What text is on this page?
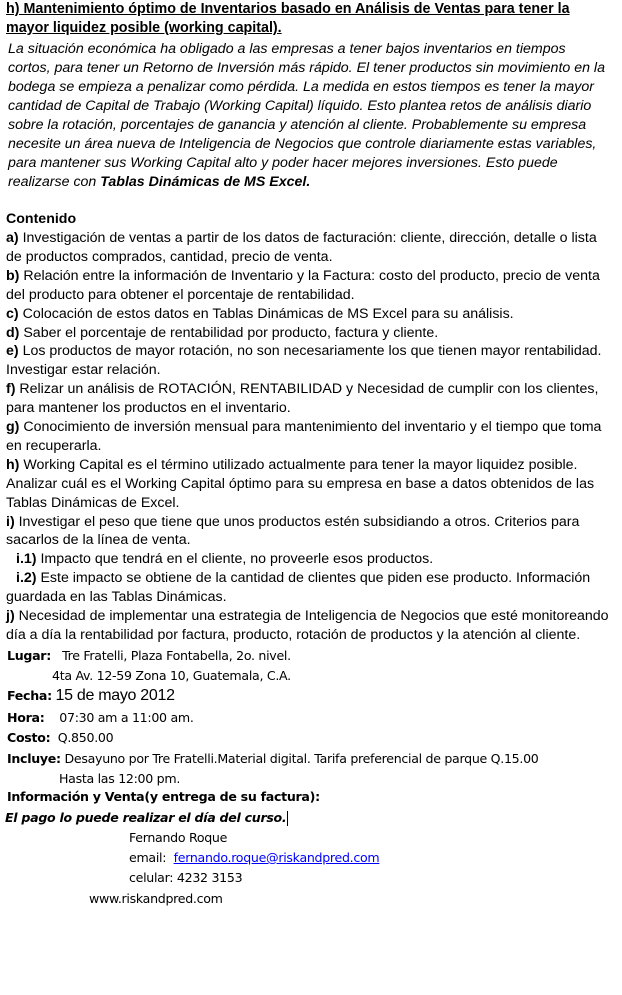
h) Mantenimiento óptimo de Inventarios basado en Análisis de Ventas para tener la
mayor liquidez posible (working capital).
La situación económica ha obligado a las empresas a tener bajos inventarios en tiempos
cortos, para tener un Retorno de Inversión más rápido. El tener productos sin movimiento en la
bodega se empieza a penalizar como pérdida. La medida en estos tiempos es tener la mayor
cantidad de Capital de Trabajo (Working Capital) líquido. Esto plantea retos de análisis diario
sobre la rotación, porcentajes de ganancia y atención al cliente. Probablemente su empresa
necesite un área nueva de Inteligencia de Negocios que controle diariamente estas variables,
para mantener sus Working Capital alto y poder hacer mejores inversiones. Esto puede
realizarse con Tablas Dinámicas de MS Excel.
Contenido
a) Investigación de ventas a partir de los datos de facturación: cliente, dirección, detalle o lista
de productos comprados, cantidad, precio de venta.
b) Relación entre la información de Inventario y la Factura: costo del producto, precio de venta
del producto para obtener el porcentaje de rentabilidad.
c) Colocación de estos datos en Tablas Dinámicas de MS Excel para su análisis.
d) Saber el porcentaje de rentabilidad por producto, factura y cliente.
e) Los productos de mayor rotación, no son necesariamente los que tienen mayor rentabilidad.
Investigar estar relación.
f) Relizar un análisis de ROTACIÓN, RENTABILIDAD y Necesidad de cumplir con los clientes,
para mantener los productos en el inventario.
g) Conocimiento de inversión mensual para mantenimiento del inventario y el tiempo que toma
en recuperarla.
h) Working Capital es el término utilizado actualmente para tener la mayor liquidez posible.
Analizar cuál es el Working Capital óptimo para su empresa en base a datos obtenidos de las
Tablas Dinámicas de Excel.
i) Investigar el peso que tiene que unos productos estén subsidiando a otros. Criterios para
sacarlos de la línea de venta.
i.1) Impacto que tendrá en el cliente, no proveerle esos productos.
i.2) Este impacto se obtiene de la cantidad de clientes que piden ese producto. Información
guardada en las Tablas Dinámicas.
j) Necesidad de implementar una estrategia de Inteligencia de Negocios que esté monitoreando
día a día la rentabilidad por factura, producto, rotación de productos y la atención al cliente.
Lugar: Tre Fratelli, Plaza Fontabella, 2o. nivel.
4ta Av. 12-59 Zona 10, Guatemala, C.A.
Fecha: 15 de mayo 2012
Hora: 07:30 am a 11:00 am.
Costo: Q.850.00
Incluye: Desayuno por Tre Fratelli.Material digital. Tarifa preferencial de parque Q.15.00
Hasta las 12:00 pm.
Información y Venta(y entrega de su factura):
El pago lo puede realizar el día del curso.
Fernando Roque
email: fernando.roque@riskandpred.com
celular: 4232 3153
www.riskandpred.com
